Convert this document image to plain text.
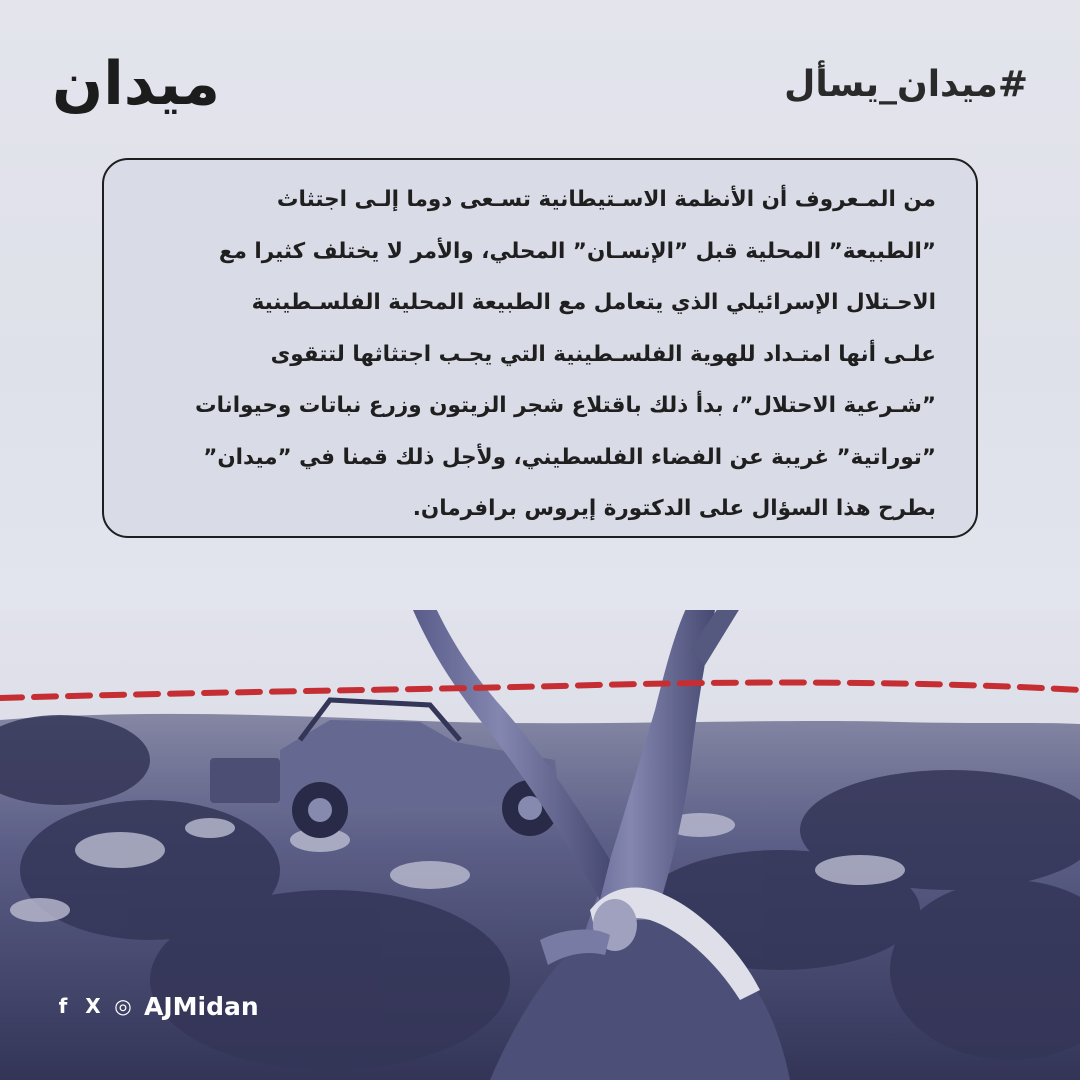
ميدان	#ميدان_يسأل
من المـعروف أن الأنظمة الاسـتيطانية تسـعى دوما إلـى اجتثاث
”الطبيعة” المحلية قبل ”الإنسـان” المحلي، والأمر لا يختلف كثيرا مع
الاحـتلال الإسرائيلي الذي يتعامل مع الطبيعة المحلية الفلسـطينية
علـى أنها امتـداد للهوية الفلسـطينية التي يجـب اجتثاثها لتتقوى
”شـرعية الاحتلال”، بدأ ذلك باقتلاع شجر الزيتون وزرع نباتات وحيوانات
”توراتية” غريبة عن الفضاء الفلسطيني، ولأجل ذلك قمنا في ”ميدان”
بطرح هذا السؤال على الدكتورة إيروس برافرمان.
f X ◎ AJMidan
